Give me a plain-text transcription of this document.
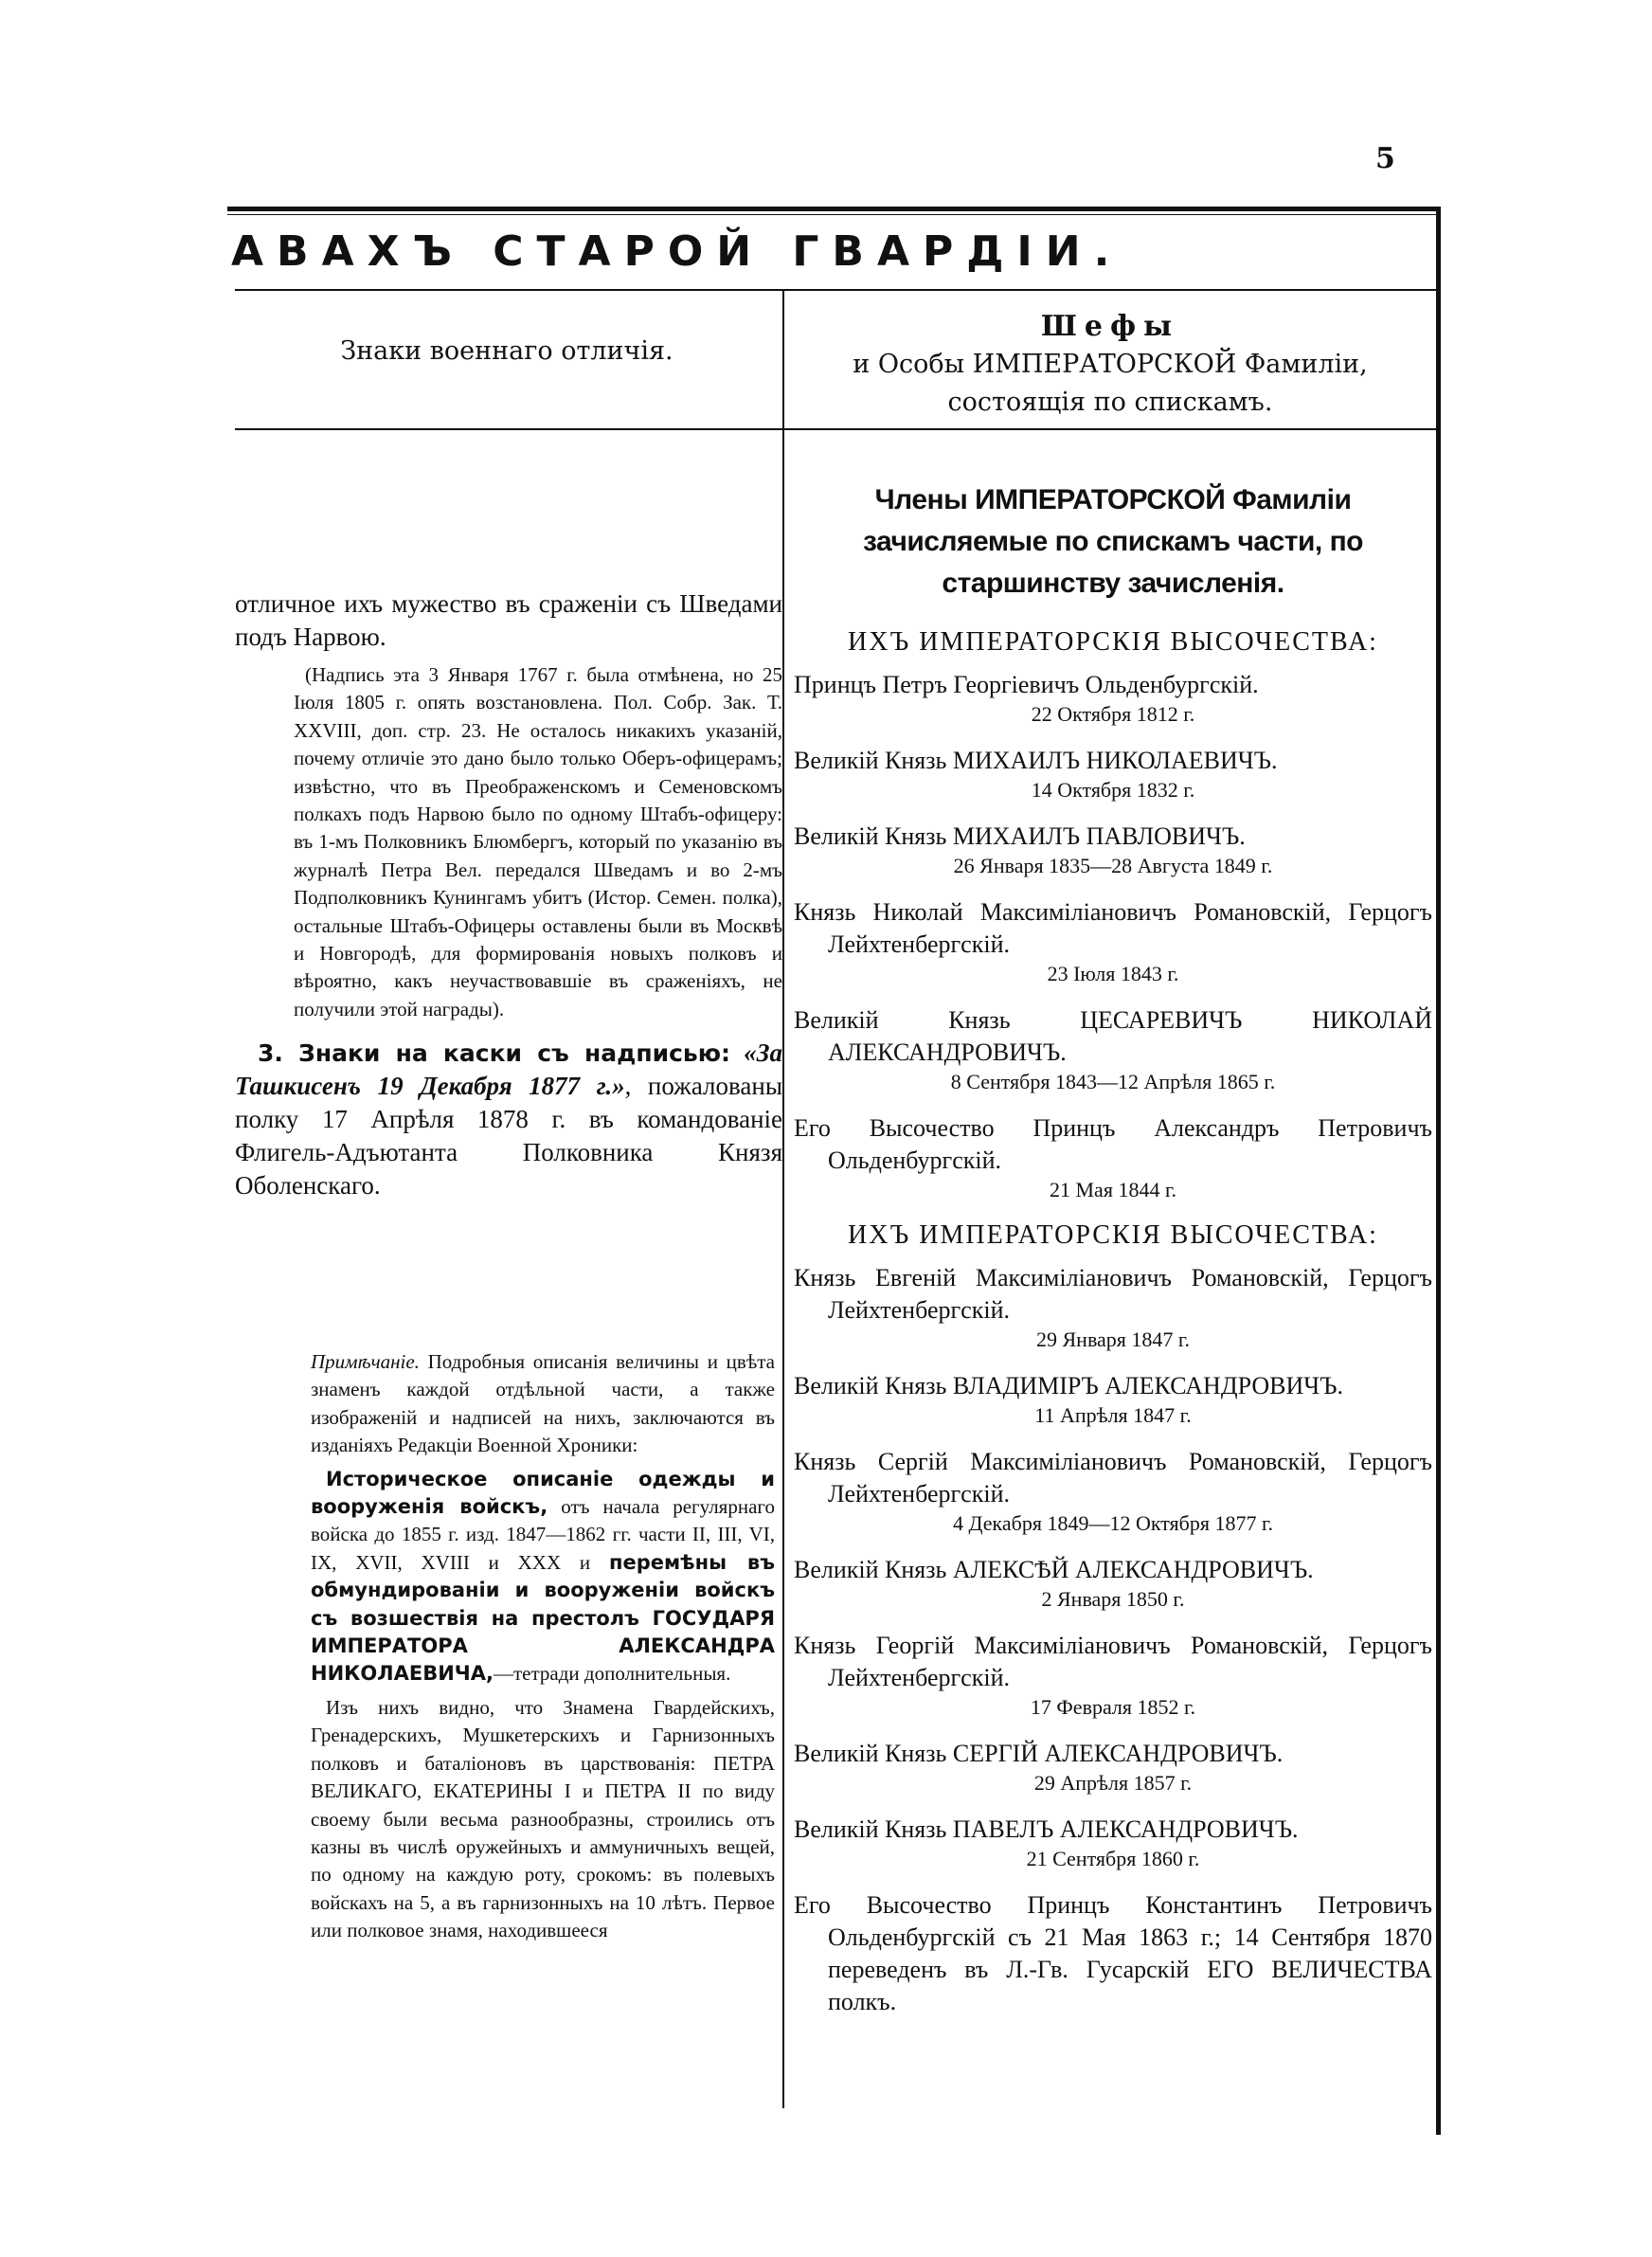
5
АВАХЪ СТАРОЙ ГВАРДІИ.
Знаки военнаго отличія.
Шефы
и Особы ИМПЕРАТОРСКОЙ Фамиліи, состоящія по спискамъ.

отличное ихъ мужество въ сраженіи съ Шведами подъ Нарвою.

(Надпись эта 3 Января 1767 г. была отмѣнена, но 25 Іюля 1805 г. опять возстановлена. Пол. Собр. Зак. Т. XXVIII, доп. стр. 23. Не осталось никакихъ указаній, почему отличіе это дано было только Оберъ-офицерамъ; извѣстно, что въ Преображенскомъ и Семеновскомъ полкахъ подъ Нарвою было по одному Штабъ-офицеру: въ 1-мъ Полковникъ Блюмбергъ, который по указанію въ журналѣ Петра Вел. передался Шведамъ и во 2-мъ Подполковникъ Кунингамъ убитъ (Истор. Семен. полка), остальные Штабъ-Офицеры оставлены были въ Москвѣ и Новгородѣ, для формированія новыхъ полковъ и вѣроятно, какъ неучаствовавшіе въ сраженіяхъ, не получили этой награды).

3. Знаки на каски съ надписью: «За Ташкисенъ 19 Декабря 1877 г.», пожалованы полку 17 Апрѣля 1878 г. въ командованіе Флигель-Адъютанта Полковника Князя Оболенскаго.

Примѣчаніе. Подробныя описанія величины и цвѣта знаменъ каждой отдѣльной части, а также изображеній и надписей на нихъ, заключаются въ изданіяхъ Редакціи Военной Хроники:

Историческое описаніе одежды и вооруженія войскъ, отъ начала регулярнаго войска до 1855 г. изд. 1847—1862 гг. части II, III, VI, IX, XVII, XVIII и XXX и перемѣны въ обмундированіи и вооруженіи войскъ съ возшествія на престолъ ГОСУДАРЯ ИМПЕРАТОРА АЛЕКСАНДРА НИКОЛАЕВИЧА,—тетради дополнительныя.

Изъ нихъ видно, что Знамена Гвардейскихъ, Гренадерскихъ, Мушкетерскихъ и Гарнизонныхъ полковъ и баталіоновъ въ царствованія: ПЕТРА ВЕЛИКАГО, ЕКАТЕРИНЫ I и ПЕТРА II по виду своему были весьма разнообразны, строились отъ казны въ числѣ оружейныхъ и аммуничныхъ вещей, по одному на каждую роту, срокомъ: въ полевыхъ войскахъ на 5, а въ гарнизонныхъ на 10 лѣтъ. Первое или полковое знамя, находившееся

Члены ИМПЕРАТОРСКОЙ Фамиліи зачисляемые по спискамъ части, по старшинству зачисленія.

ИХЪ ИМПЕРАТОРСКІЯ ВЫСОЧЕСТВА:

Принцъ Петръ Георгіевичъ Ольденбургскій.

22 Октября 1812 г.

Великій Князь МИХАИЛЪ НИКОЛАЕВИЧЪ.

14 Октября 1832 г.

Великій Князь МИХАИЛЪ ПАВЛОВИЧЪ.

26 Января 1835—28 Августа 1849 г.

Князь Николай Максиміліановичъ Романовскій, Герцогъ Лейхтенбергскій.

23 Іюля 1843 г.

Великій Князь ЦЕСАРЕВИЧЪ НИКОЛАЙ АЛЕКСАНДРОВИЧЪ.

8 Сентября 1843—12 Апрѣля 1865 г.

Его Высочество Принцъ Александръ Петровичъ Ольденбургскій.

21 Мая 1844 г.

ИХЪ ИМПЕРАТОРСКІЯ ВЫСОЧЕСТВА:

Князь Евгеній Максиміліановичъ Романовскій, Герцогъ Лейхтенбергскій.

29 Января 1847 г.

Великій Князь ВЛАДИМІРЪ АЛЕКСАНДРОВИЧЪ.

11 Апрѣля 1847 г.

Князь Сергій Максиміліановичъ Романовскій, Герцогъ Лейхтенбергскій.

4 Декабря 1849—12 Октября 1877 г.

Великій Князь АЛЕКСѢЙ АЛЕКСАНДРОВИЧЪ.

2 Января 1850 г.

Князь Георгій Максиміліановичъ Романовскій, Герцогъ Лейхтенбергскій.

17 Февраля 1852 г.

Великій Князь СЕРГІЙ АЛЕКСАНДРОВИЧЪ.

29 Апрѣля 1857 г.

Великій Князь ПАВЕЛЪ АЛЕКСАНДРОВИЧЪ.

21 Сентября 1860 г.

Его Высочество Принцъ Константинъ Петровичъ Ольденбургскій съ 21 Мая 1863 г.; 14 Сентября 1870 переведенъ въ Л.-Гв. Гусарскій ЕГО ВЕЛИЧЕСТВА полкъ.
